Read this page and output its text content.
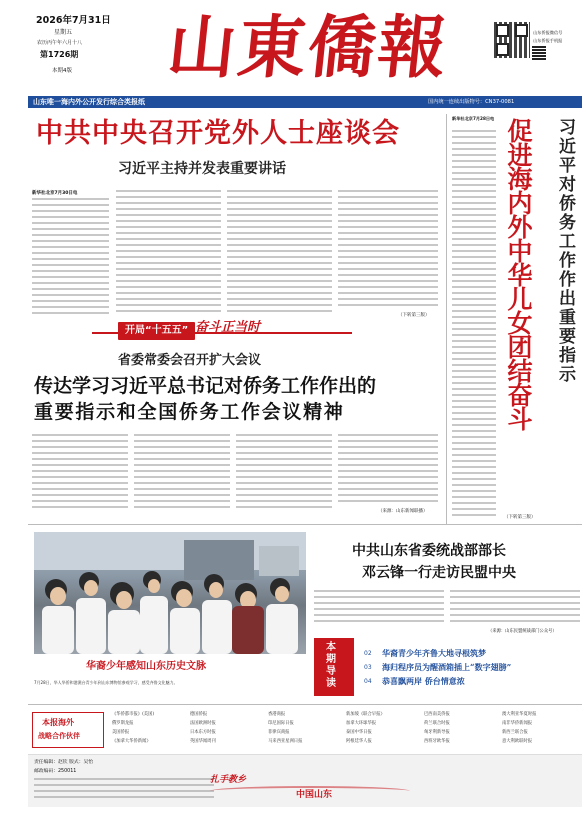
2026年7月31日
星期五
农历丙午年六月十八
第1726期
本期4版 山東僑報	山东侨报微信号
山东侨报手机报
山东唯一海内外公开发行综合类报纸	国内统一连续出版物号：CN37-0081
中共中央召开党外人士座谈会
习近平主持并发表重要讲话
新华社北京7月30日电
（下转第三版）
新华社北京7月28日电 促进海内外中华儿女团结奋斗 习近平对侨务工作作出重要指示
（下转第三版）
开局“十五五” 奋斗正当时
省委常委会召开扩大会议
传达学习习近平总书记对侨务工作作出的
重要指示和全国侨务工作会议精神
（来源：山东新闻联播）
华裔少年感知山东历史文脉
7月28日，华人华侨和港澳台青少年到山东博物馆参观学习，感受齐鲁文化魅力。
中共山东省委统战部部长
邓云锋一行走访民盟中央
（来源：山东民盟统战部门公众号）
本期导读
02	华裔青少年齐鲁大地寻根筑梦
03	海归程序员为醒酒箱插上“数字翅膀”
04	恭喜飘两岸 侨台情意浓
本报海外
战略合作伙伴
《华侨都市报》(美国)	德国侨报	香港商报	新加坡《联合早报》	巴西南美侨报	澳大利亚华夏时报
俄罗斯龙报	法国欧洲时报	印尼国际日报	加拿大环球华报	荷兰联合时报	南非华侨新闻报
美国侨报	日本东方时报	菲律宾商报	泰国中华日报	匈牙利新导报	新西兰联合报
《加拿大华侨新闻》	英国华闻周刊	马来西亚星洲日报	阿根廷华人报	西班牙欧华报	意大利欧联时报
责任编辑：赵钦 版式：吴怡
邮政编码：250011
扎手教乡
中国山东
